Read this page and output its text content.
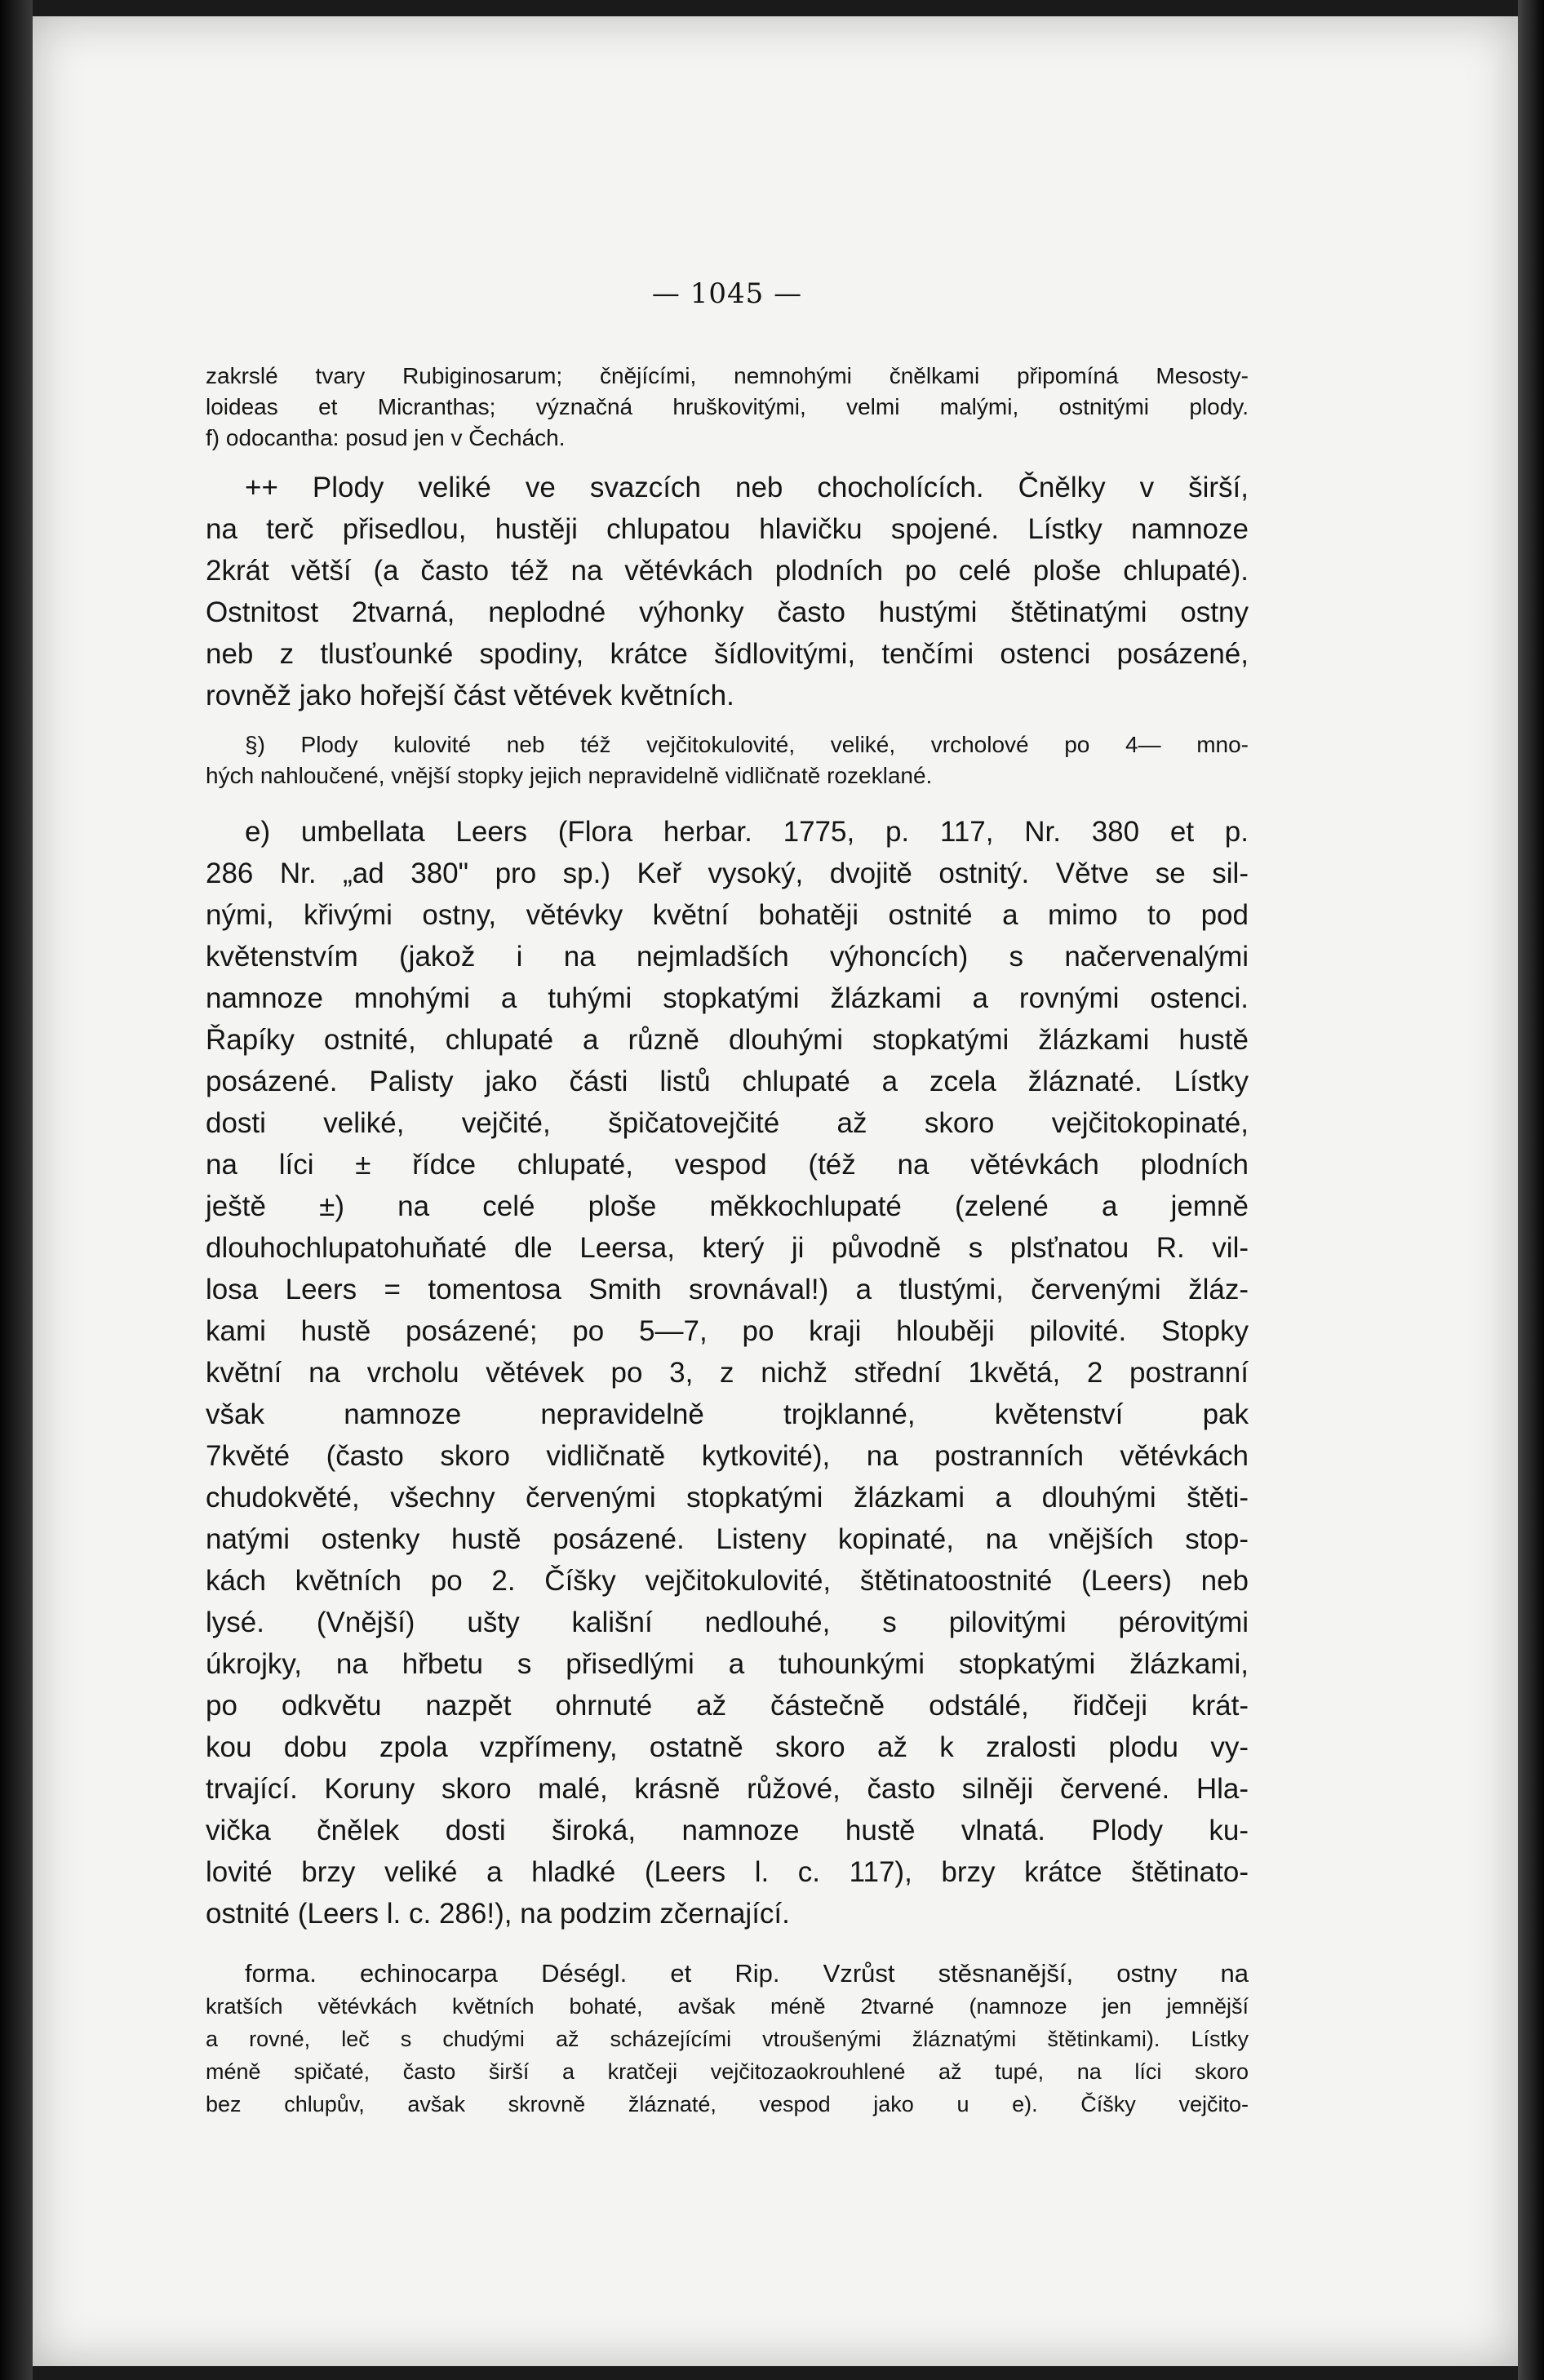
— 1045 —
zakrslé tvary Rubiginosarum; čnějícími, nemnohými čnělkami připomíná Mesosty-
loideas et Micranthas; význačná hruškovitými, velmi malými, ostnitými plody.
f) odocantha: posud jen v Čechách.
++ Plody veliké ve svazcích neb chocholících. Čnělky v širší,
na terč přisedlou, hustěji chlupatou hlavičku spojené. Lístky namnoze
2krát větší (a často též na větévkách plodních po celé ploše chlupaté).
Ostnitost 2tvarná, neplodné výhonky často hustými štětinatými ostny
neb z tlusťounké spodiny, krátce šídlovitými, tenčími ostenci posázené,
rovněž jako hořejší část větévek květních.
§) Plody kulovité neb též vejčitokulovité, veliké, vrcholové po 4— mno-
hých nahloučené, vnější stopky jejich nepravidelně vidličnatě rozeklané.
e) umbellata Leers (Flora herbar. 1775, p. 117, Nr. 380 et p.
286 Nr. „ad 380" pro sp.) Keř vysoký, dvojitě ostnitý. Větve se sil-
nými, křivými ostny, větévky květní bohatěji ostnité a mimo to pod
květenstvím (jakož i na nejmladších výhoncích) s načervenalými
namnoze mnohými a tuhými stopkatými žlázkami a rovnými ostenci.
Řapíky ostnité, chlupaté a různě dlouhými stopkatými žlázkami hustě
posázené. Palisty jako části listů chlupaté a zcela žláznaté. Lístky
dosti veliké, vejčité, špičatovejčité až skoro vejčitokopinaté,
na líci ± řídce chlupaté, vespod (též na větévkách plodních
ještě ±) na celé ploše měkkochlupaté (zelené a jemně
dlouhochlupatohuňaté dle Leersa, který ji původně s plsťnatou R. vil-
losa Leers = tomentosa Smith srovnával!) a tlustými, červenými žláz-
kami hustě posázené; po 5—7, po kraji hlouběji pilovité. Stopky
květní na vrcholu větévek po 3, z nichž střední 1květá, 2 postranní
však namnoze nepravidelně trojklanné, květenství pak
7květé (často skoro vidličnatě kytkovité), na postranních větévkách
chudokvěté, všechny červenými stopkatými žlázkami a dlouhými štěti-
natými ostenky hustě posázené. Listeny kopinaté, na vnějších stop-
kách květních po 2. Číšky vejčitokulovité, štětinatoostnité (Leers) neb
lysé. (Vnější) ušty kališní nedlouhé, s pilovitými pérovitými
úkrojky, na hřbetu s přisedlými a tuhounkými stopkatými žlázkami,
po odkvětu nazpět ohrnuté až částečně odstálé, řidčeji krát-
kou dobu zpola vzpřímeny, ostatně skoro až k zralosti plodu vy-
trvající. Koruny skoro malé, krásně růžové, často silněji červené. Hla-
vička čnělek dosti široká, namnoze hustě vlnatá. Plody ku-
lovité brzy veliké a hladké (Leers l. c. 117), brzy krátce štětinato-
ostnité (Leers l. c. 286!), na podzim zčernající.
forma. echinocarpa Déségl. et Rip. Vzrůst stěsnanější, ostny na
kratších větévkách květních bohaté, avšak méně 2tvarné (namnoze jen jemnější
a rovné, leč s chudými až scházejícími vtroušenými žláznatými štětinkami). Lístky
méně spičaté, často širší a kratčeji vejčitozaokrouhlené až tupé, na líci skoro
bez chlupův, avšak skrovně žláznaté, vespod jako u e). Číšky vejčito-
